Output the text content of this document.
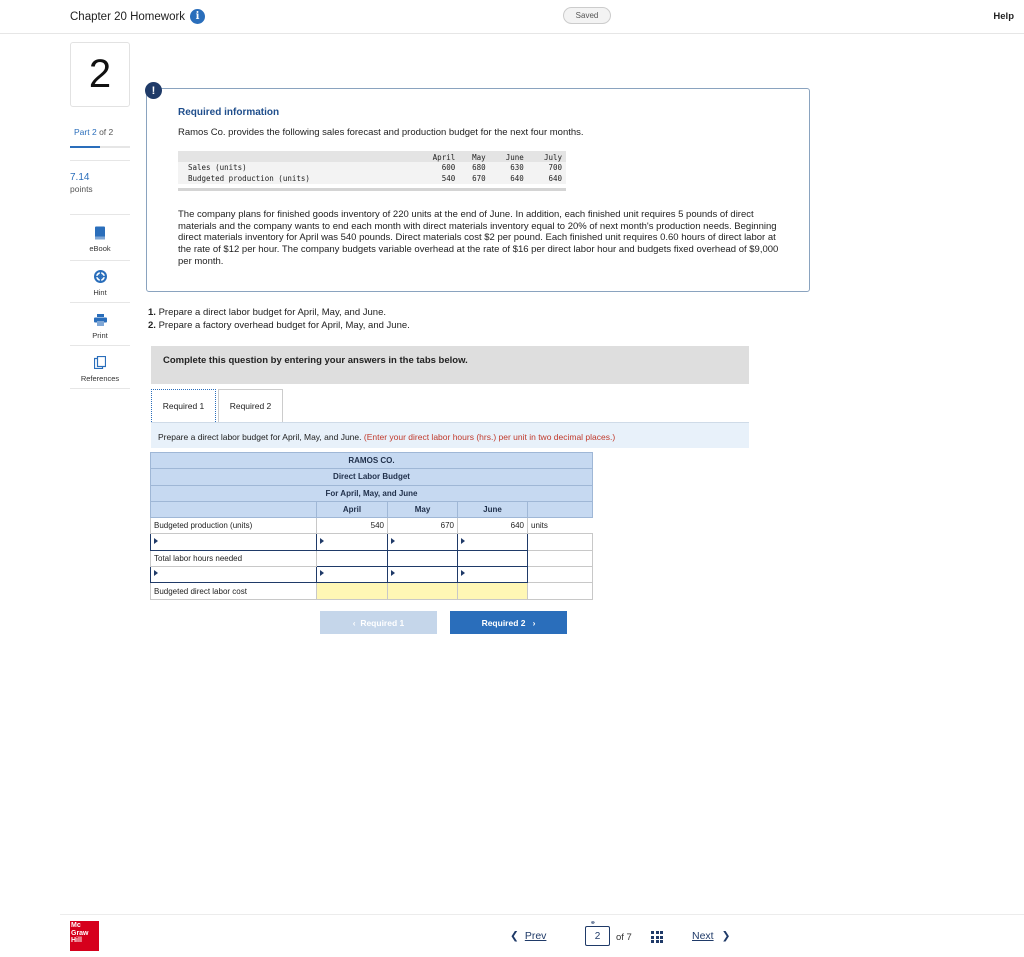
Chapter 20 Homework	i	Saved	Help
2
Part 2 of 2
7.14
points
eBook
Hint
Print
References
!
Required information
Ramos Co. provides the following sales forecast and production budget for the next four months.
	April	May	June	July
Sales (units)	600	680	630	700
Budgeted production (units)	540	670	640	640
The company plans for finished goods inventory of 220 units at the end of June. In addition, each finished unit requires 5 pounds of direct materials and the company wants to end each month with direct materials inventory equal to 20% of next month's production needs. Beginning direct materials inventory for April was 540 pounds. Direct materials cost $2 per pound. Each finished unit requires 0.60 hours of direct labor at the rate of $12 per hour. The company budgets variable overhead at the rate of $16 per direct labor hour and budgets fixed overhead of $9,000 per month.
1. Prepare a direct labor budget for April, May, and June.
2. Prepare a factory overhead budget for April, May, and June.
Complete this question by entering your answers in the tabs below.
Required 1	Required 2
Prepare a direct labor budget for April, May, and June. (Enter your direct labor hours (hrs.) per unit in two decimal places.)
RAMOS CO.				
Direct Labor Budget				
For April, May, and June				
	April	May	June	
Budgeted production (units)	540	670	640	units

Total labor hours needed				

Budgeted direct labor cost				
‹ Required 1	Required 2 ›
Mc
Graw
Hill	❮ Prev
⚭
2	of 7	Next ❯
